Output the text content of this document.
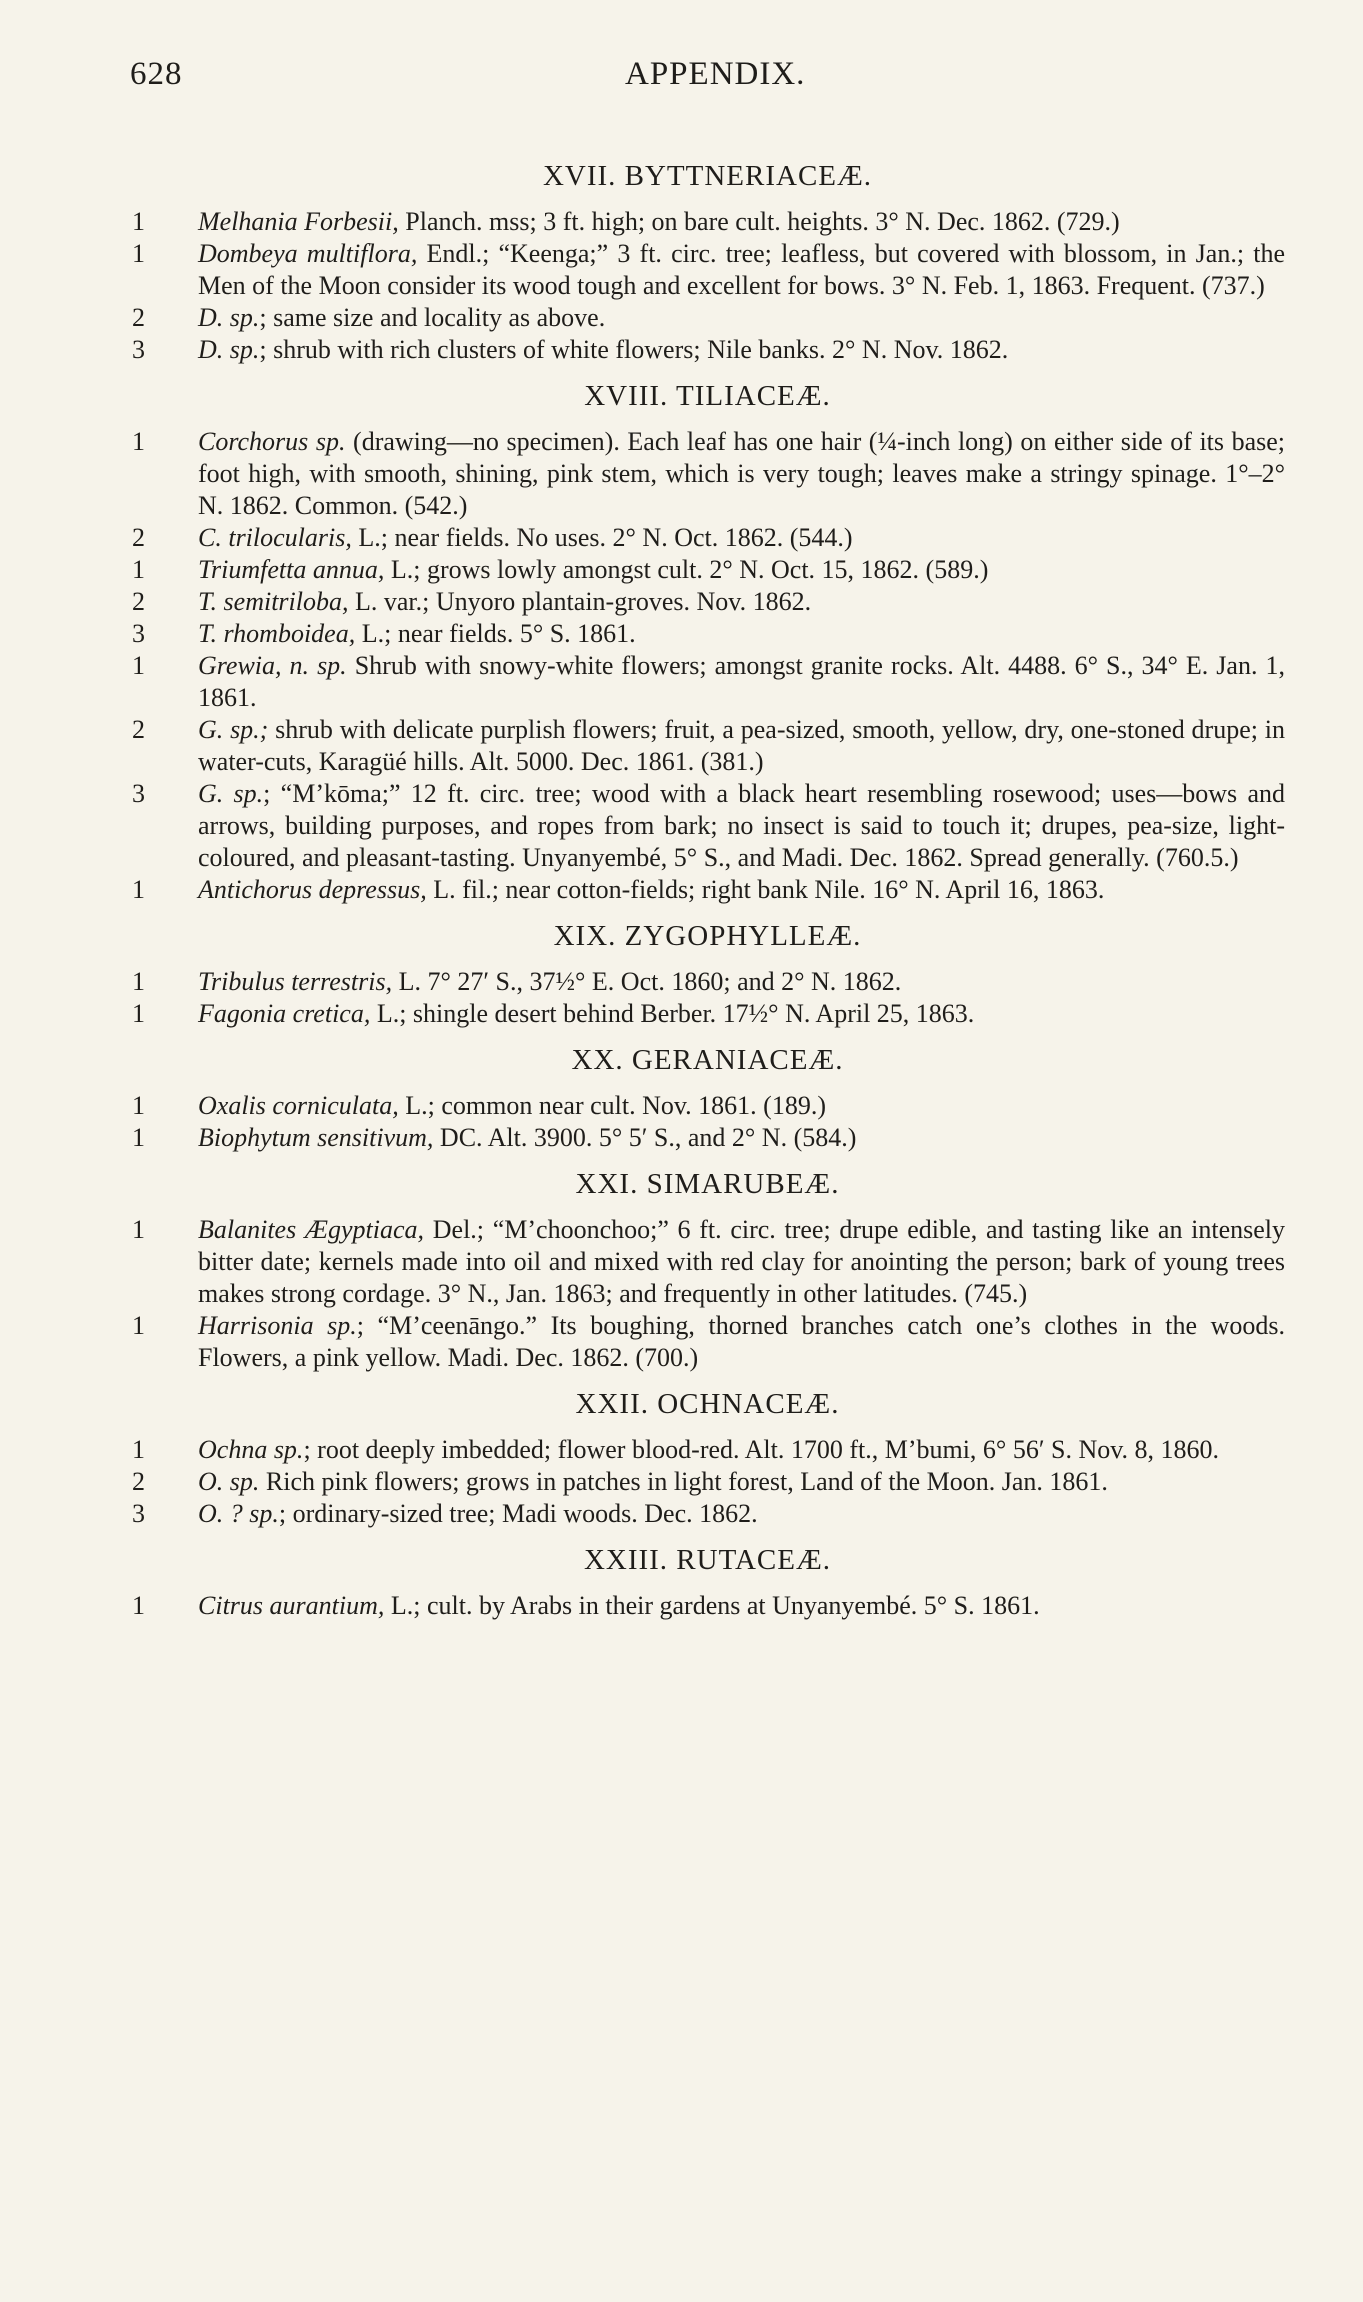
628	APPENDIX.
XVII. BYTTNERIACEÆ.
1 Melhania Forbesii, Planch. mss; 3 ft. high; on bare cult. heights. 3° N. Dec. 1862. (729.)
1 Dombeya multiflora, Endl.; “Keenga;” 3 ft. circ. tree; leafless, but covered with blossom, in Jan.; the Men of the Moon consider its wood tough and excellent for bows. 3° N. Feb. 1, 1863. Frequent. (737.)
2 D. sp.; same size and locality as above.
3 D. sp.; shrub with rich clusters of white flowers; Nile banks. 2° N. Nov. 1862.
XVIII. TILIACEÆ.
1 Corchorus sp. (drawing—no specimen). Each leaf has one hair (¼-inch long) on either side of its base; foot high, with smooth, shining, pink stem, which is very tough; leaves make a stringy spinage. 1°–2° N. 1862. Common. (542.)
2 C. trilocularis, L.; near fields. No uses. 2° N. Oct. 1862. (544.)
1 Triumfetta annua, L.; grows lowly amongst cult. 2° N. Oct. 15, 1862. (589.)
2 T. semitriloba, L. var.; Unyoro plantain-groves. Nov. 1862.
3 T. rhomboidea, L.; near fields. 5° S. 1861.
1 Grewia, n. sp. Shrub with snowy-white flowers; amongst granite rocks. Alt. 4488. 6° S., 34° E. Jan. 1, 1861.
2 G. sp.; shrub with delicate purplish flowers; fruit, a pea-sized, smooth, yellow, dry, one-stoned drupe; in water-cuts, Karagüé hills. Alt. 5000. Dec. 1861. (381.)
3 G. sp.; “M’kōma;” 12 ft. circ. tree; wood with a black heart resembling rosewood; uses—bows and arrows, building purposes, and ropes from bark; no insect is said to touch it; drupes, pea-size, light-coloured, and pleasant-tasting. Unyanyembé, 5° S., and Madi. Dec. 1862. Spread generally. (760.5.)
1 Antichorus depressus, L. fil.; near cotton-fields; right bank Nile. 16° N. April 16, 1863.
XIX. ZYGOPHYLLEÆ.
1 Tribulus terrestris, L. 7° 27′ S., 37½° E. Oct. 1860; and 2° N. 1862.
1 Fagonia cretica, L.; shingle desert behind Berber. 17½° N. April 25, 1863.
XX. GERANIACEÆ.
1 Oxalis corniculata, L.; common near cult. Nov. 1861. (189.)
1 Biophytum sensitivum, DC. Alt. 3900. 5° 5′ S., and 2° N. (584.)
XXI. SIMARUBEÆ.
1 Balanites Ægyptiaca, Del.; “M’choonchoo;” 6 ft. circ. tree; drupe edible, and tasting like an intensely bitter date; kernels made into oil and mixed with red clay for anointing the person; bark of young trees makes strong cordage. 3° N., Jan. 1863; and frequently in other latitudes. (745.)
1 Harrisonia sp.; “M’ceenāngo.” Its boughing, thorned branches catch one’s clothes in the woods. Flowers, a pink yellow. Madi. Dec. 1862. (700.)
XXII. OCHNACEÆ.
1 Ochna sp.; root deeply imbedded; flower blood-red. Alt. 1700 ft., M’bumi, 6° 56′ S. Nov. 8, 1860.
2 O. sp. Rich pink flowers; grows in patches in light forest, Land of the Moon. Jan. 1861.
3 O. ? sp.; ordinary-sized tree; Madi woods. Dec. 1862.
XXIII. RUTACEÆ.
1 Citrus aurantium, L.; cult. by Arabs in their gardens at Unyanyembé. 5° S. 1861.
